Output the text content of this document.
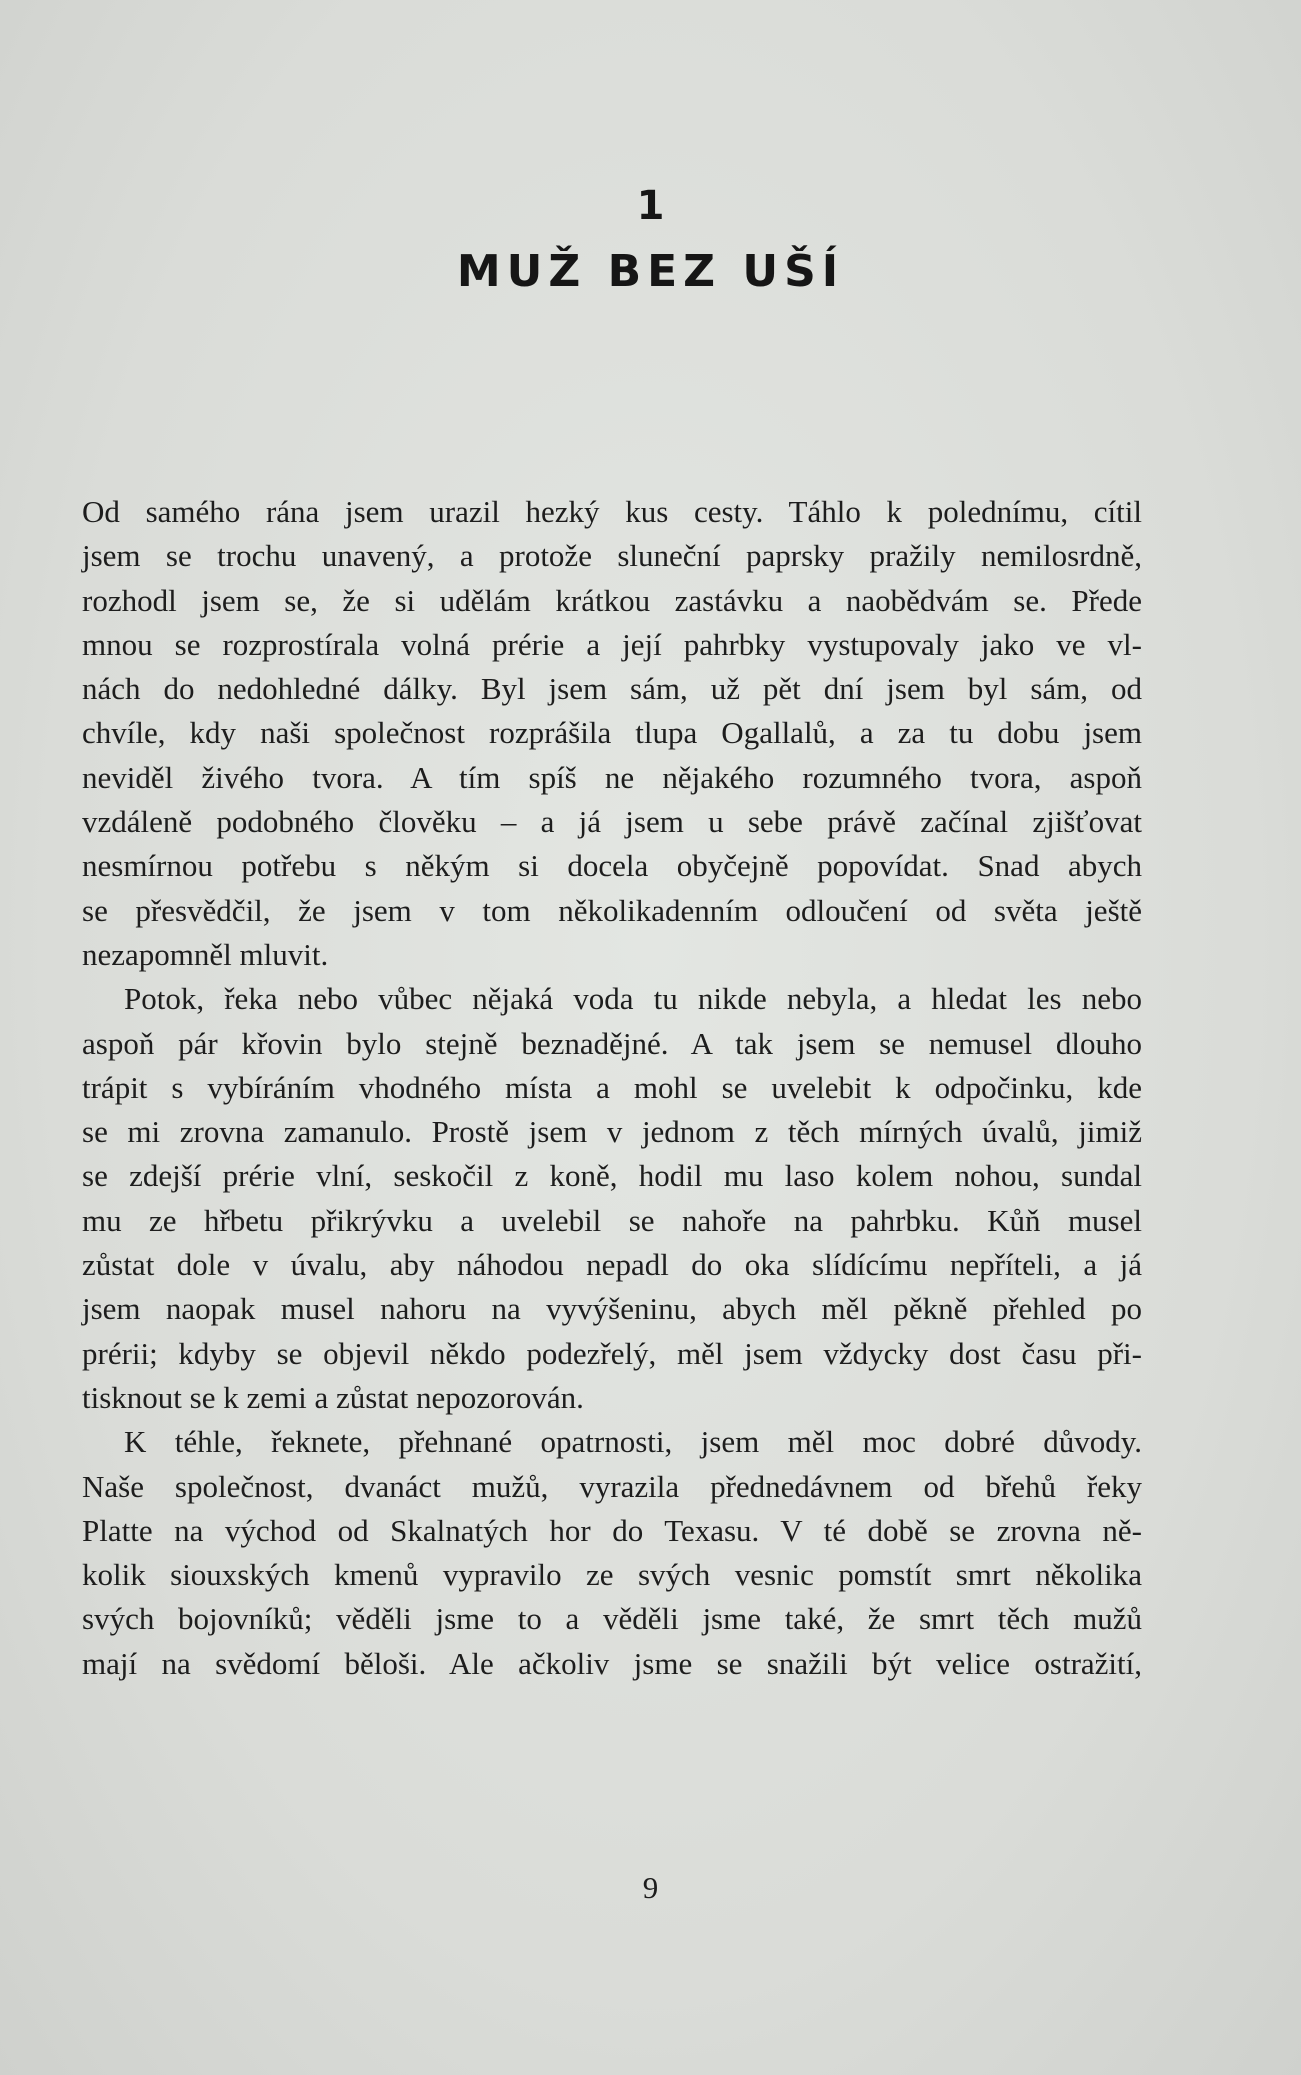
1
MUŽ BEZ UŠÍ
Od samého rána jsem urazil hezký kus cesty. Táhlo k polednímu, cítil
jsem se trochu unavený, a protože sluneční paprsky pražily nemilosrdně,
rozhodl jsem se, že si udělám krátkou zastávku a naobědvám se. Přede
mnou se rozprostírala volná prérie a její pahrbky vystupovaly jako ve vl-
nách do nedohledné dálky. Byl jsem sám, už pět dní jsem byl sám, od
chvíle, kdy naši společnost rozprášila tlupa Ogallalů, a za tu dobu jsem
neviděl živého tvora. A tím spíš ne nějakého rozumného tvora, aspoň
vzdáleně podobného člověku – a já jsem u sebe právě začínal zjišťovat
nesmírnou potřebu s někým si docela obyčejně popovídat. Snad abych
se přesvědčil, že jsem v tom několikadenním odloučení od světa ještě
nezapomněl mluvit.
Potok, řeka nebo vůbec nějaká voda tu nikde nebyla, a hledat les nebo
aspoň pár křovin bylo stejně beznadějné. A tak jsem se nemusel dlouho
trápit s vybíráním vhodného místa a mohl se uvelebit k odpočinku, kde
se mi zrovna zamanulo. Prostě jsem v jednom z těch mírných úvalů, jimiž
se zdejší prérie vlní, seskočil z koně, hodil mu laso kolem nohou, sundal
mu ze hřbetu přikrývku a uvelebil se nahoře na pahrbku. Kůň musel
zůstat dole v úvalu, aby náhodou nepadl do oka slídícímu nepříteli, a já
jsem naopak musel nahoru na vyvýšeninu, abych měl pěkně přehled po
prérii; kdyby se objevil někdo podezřelý, měl jsem vždycky dost času při-
tisknout se k zemi a zůstat nepozorován.
K téhle, řeknete, přehnané opatrnosti, jsem měl moc dobré důvody.
Naše společnost, dvanáct mužů, vyrazila přednedávnem od břehů řeky
Platte na východ od Skalnatých hor do Texasu. V té době se zrovna ně-
kolik siouxských kmenů vypravilo ze svých vesnic pomstít smrt několika
svých bojovníků; věděli jsme to a věděli jsme také, že smrt těch mužů
mají na svědomí běloši. Ale ačkoliv jsme se snažili být velice ostražití,
9
